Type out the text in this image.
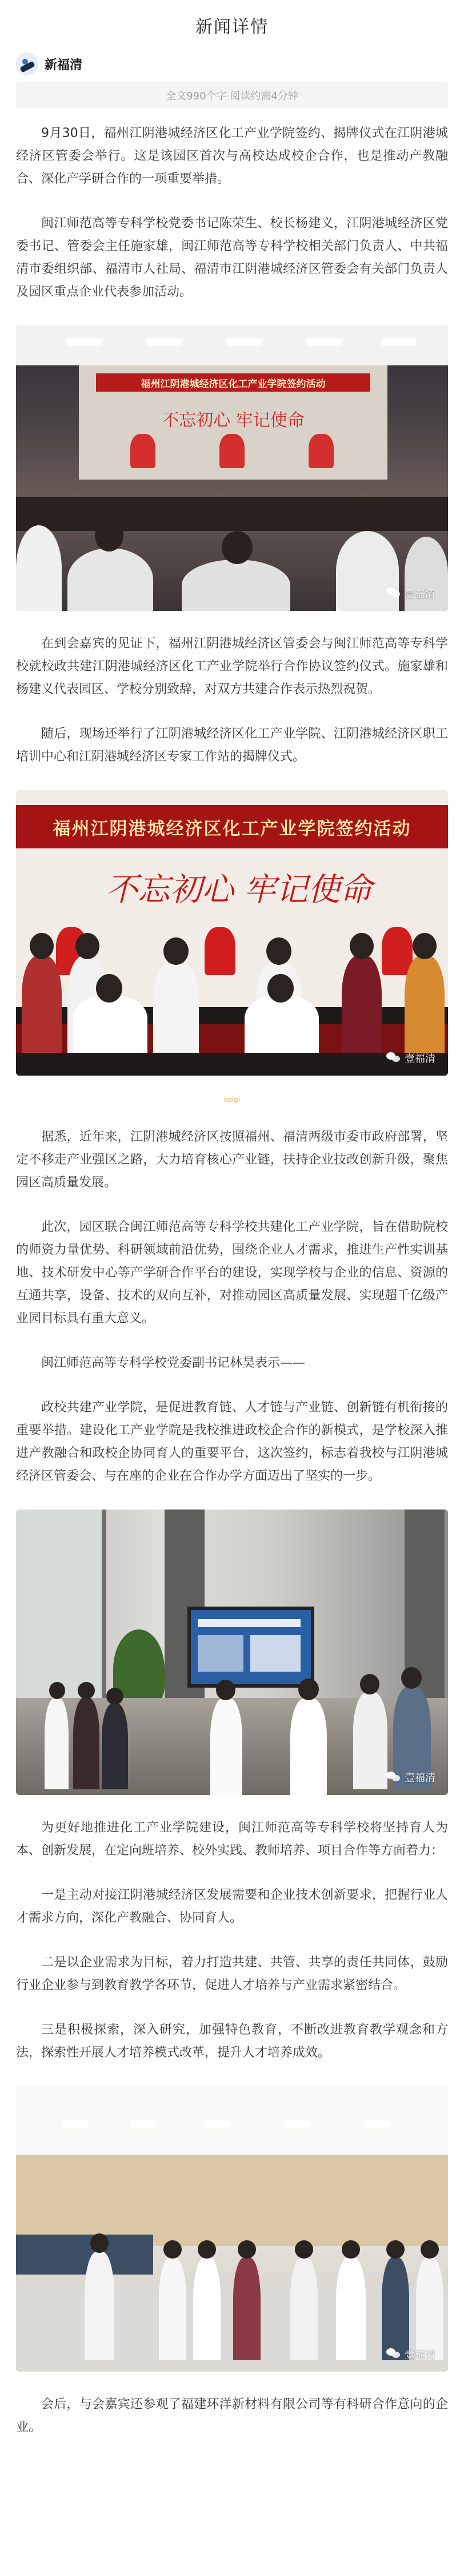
新闻详情
新福清
全文990个字 阅读约需4分钟

9月30日，福州江阴港城经济区化工产业学院签约、揭牌仪式在江阴港城经济区管委会举行。这是该园区首次与高校达成校企合作，也是推动产教融合、深化产学研合作的一项重要举措。

闽江师范高等专科学校党委书记陈荣生、校长杨建义，江阴港城经济区党委书记、管委会主任施家雄，闽江师范高等专科学校相关部门负责人、中共福清市委组织部、福清市人社局、福清市江阴港城经济区管委会有关部门负责人及园区重点企业代表参加活动。

福州江阴港城经济区化工产业学院签约活动
不忘初心 牢记使命
壹福清

在到会嘉宾的见证下，福州江阴港城经济区管委会与闽江师范高等专科学校就校政共建江阴港城经济区化工产业学院举行合作协议签约仪式。施家雄和杨建义代表园区、学校分别致辞，对双方共建合作表示热烈祝贺。

随后，现场还举行了江阴港城经济区化工产业学院、江阴港城经济区职工培训中心和江阴港城经济区专家工作站的揭牌仪式。

福州江阴港城经济区化工产业学院签约活动
不忘初心 牢记使命
壹福清
kolgi

据悉，近年来，江阴港城经济区按照福州、福清两级市委市政府部署，坚定不移走产业强区之路，大力培育核心产业链，扶持企业技改创新升级，聚焦园区高质量发展。

此次，园区联合闽江师范高等专科学校共建化工产业学院，旨在借助院校的师资力量优势、科研领域前沿优势，围绕企业人才需求，推进生产性实训基地、技术研发中心等产学研合作平台的建设，实现学校与企业的信息、资源的互通共享，设备、技术的双向互补，对推动园区高质量发展、实现超千亿级产业园目标具有重大意义。

闽江师范高等专科学校党委副书记林昊表示——

政校共建产业学院，是促进教育链、人才链与产业链、创新链有机衔接的重要举措。建设化工产业学院是我校推进政校企合作的新模式，是学校深入推进产教融合和政校企协同育人的重要平台，这次签约，标志着我校与江阴港城经济区管委会、与在座的企业在合作办学方面迈出了坚实的一步。

壹福清

为更好地推进化工产业学院建设，闽江师范高等专科学校将坚持育人为本、创新发展，在定向班培养、校外实践、教师培养、项目合作等方面着力：

一是主动对接江阴港城经济区发展需要和企业技术创新要求，把握行业人才需求方向，深化产教融合、协同育人。

二是以企业需求为目标，着力打造共建、共管、共享的责任共同体，鼓励行业企业参与到教育教学各环节，促进人才培养与产业需求紧密结合。

三是积极探索，深入研究，加强特色教育，不断改进教育教学观念和方法，探索性开展人才培养模式改革，提升人才培养成效。

壹福清

会后，与会嘉宾还参观了福建环洋新材料有限公司等有科研合作意向的企业。
